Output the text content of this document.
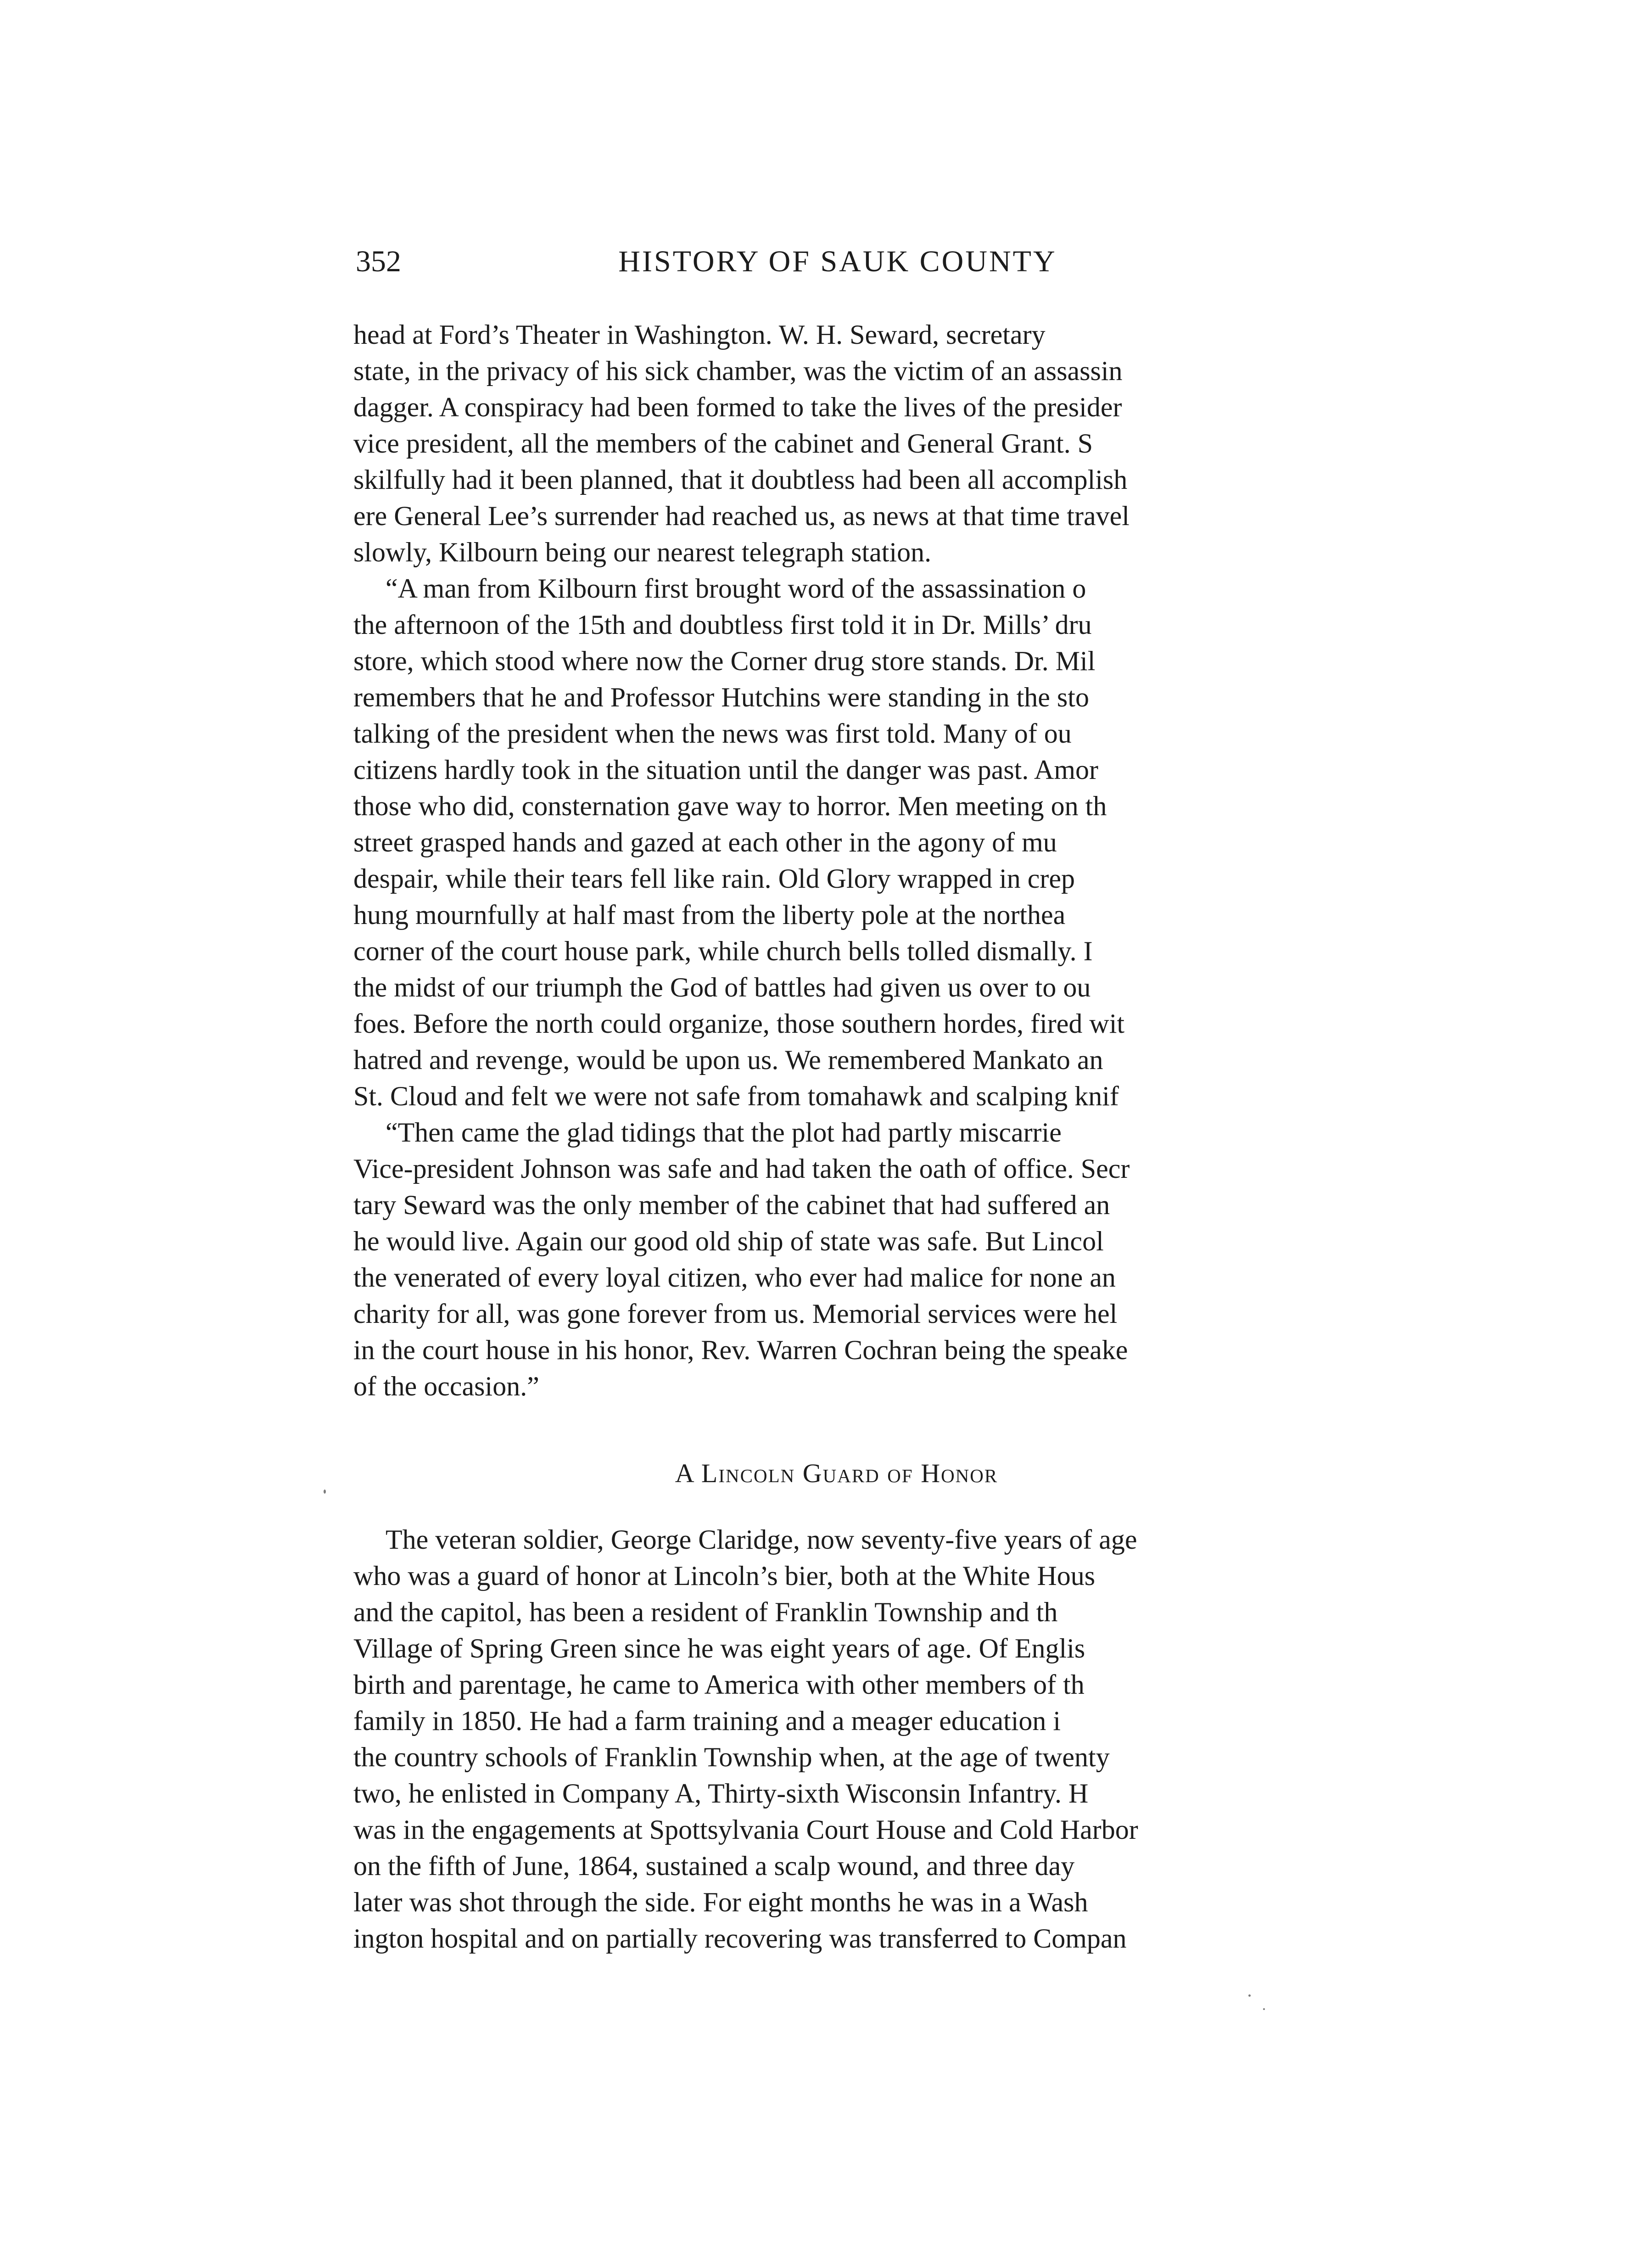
352	HISTORY OF SAUK COUNTY

head at Ford’s Theater in Washington. W. H. Seward, secretary
state, in the privacy of his sick chamber, was the victim of an assassin
dagger. A conspiracy had been formed to take the lives of the presider
vice president, all the members of the cabinet and General Grant. S
skilfully had it been planned, that it doubtless had been all accomplish
ere General Lee’s surrender had reached us, as news at that time travel
slowly, Kilbourn being our nearest telegraph station.

“A man from Kilbourn first brought word of the assassination o
the afternoon of the 15th and doubtless first told it in Dr. Mills’ dru
store, which stood where now the Corner drug store stands. Dr. Mil
remembers that he and Professor Hutchins were standing in the sto
talking of the president when the news was first told. Many of ou
citizens hardly took in the situation until the danger was past. Amor
those who did, consternation gave way to horror. Men meeting on th
street grasped hands and gazed at each other in the agony of mu
despair, while their tears fell like rain. Old Glory wrapped in crep
hung mournfully at half mast from the liberty pole at the northea
corner of the court house park, while church bells tolled dismally. I
the midst of our triumph the God of battles had given us over to ou
foes. Before the north could organize, those southern hordes, fired wit
hatred and revenge, would be upon us. We remembered Mankato an
St. Cloud and felt we were not safe from tomahawk and scalping knif

“Then came the glad tidings that the plot had partly miscarrie
Vice-president Johnson was safe and had taken the oath of office. Secr
tary Seward was the only member of the cabinet that had suffered an
he would live. Again our good old ship of state was safe. But Lincol
the venerated of every loyal citizen, who ever had malice for none an
charity for all, was gone forever from us. Memorial services were hel
in the court house in his honor, Rev. Warren Cochran being the speake
of the occasion.”

A Lincoln Guard of Honor

The veteran soldier, George Claridge, now seventy-five years of age
who was a guard of honor at Lincoln’s bier, both at the White Hous
and the capitol, has been a resident of Franklin Township and th
Village of Spring Green since he was eight years of age. Of Englis
birth and parentage, he came to America with other members of th
family in 1850. He had a farm training and a meager education i
the country schools of Franklin Township when, at the age of twenty
two, he enlisted in Company A, Thirty-sixth Wisconsin Infantry. H
was in the engagements at Spottsylvania Court House and Cold Harbor
on the fifth of June, 1864, sustained a scalp wound, and three day
later was shot through the side. For eight months he was in a Wash
ington hospital and on partially recovering was transferred to Compan
